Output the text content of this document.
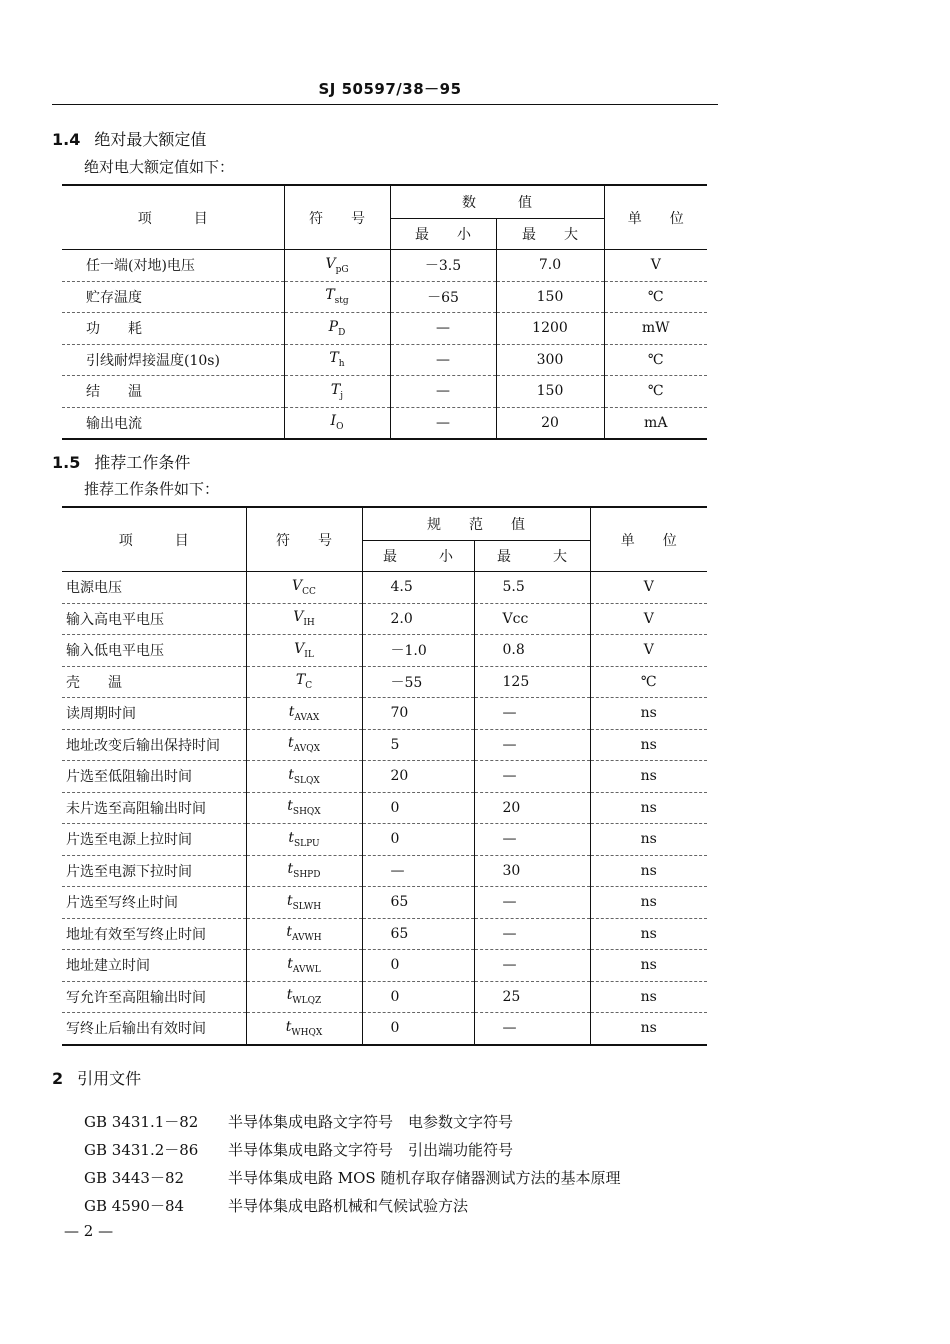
SJ 50597/38－95
1.4 绝对最大额定值
绝对电大额定值如下：
项　　　目	符　　号	数　　　值		单　　位
		最　　小	最　　大	
任一端(对地)电压	$V_{pG}$	－3.5	7.0	V
贮存温度	$T_{stg}$	－65	150	℃
功　　耗	$P_D$	—	1200	mW
引线耐焊接温度(10s)	$T_h$	—	300	℃
结　　温	$T_j$	—	150	℃
输出电流	$I_O$	—	20	mA
1.5 推荐工作条件
推荐工作条件如下：
项　　　目	符　　号	规　　范　　值		单　　位
		最　　　小	最　　　大	
电源电压	$V_{CC}$	4.5	5.5	V
输入高电平电压	$V_{IH}$	2.0	Vcc	V
输入低电平电压	$V_{IL}$	－1.0	0.8	V
壳　　温	$T_C$	－55	125	℃
读周期时间	$t_{AVAX}$	70	—	ns
地址改变后输出保持时间	$t_{AVQX}$	5	—	ns
片选至低阻输出时间	$t_{SLQX}$	20	—	ns
未片选至高阻输出时间	$t_{SHQX}$	0	20	ns
片选至电源上拉时间	$t_{SLPU}$	0	—	ns
片选至电源下拉时间	$t_{SHPD}$	—	30	ns
片选至写终止时间	$t_{SLWH}$	65	—	ns
地址有效至写终止时间	$t_{AVWH}$	65	—	ns
地址建立时间	$t_{AVWL}$	0	—	ns
写允许至高阻输出时间	$t_{WLQZ}$	0	25	ns
写终止后输出有效时间	$t_{WHQX}$	0	—	ns
2 引用文件
GB 3431.1－82 半导体集成电路文字符号　电参数文字符号
GB 3431.2－86 半导体集成电路文字符号　引出端功能符号
GB 3443－82	半导体集成电路 MOS 随机存取存储器测试方法的基本原理
GB 4590－84	半导体集成电路机械和气候试验方法
— 2 —
